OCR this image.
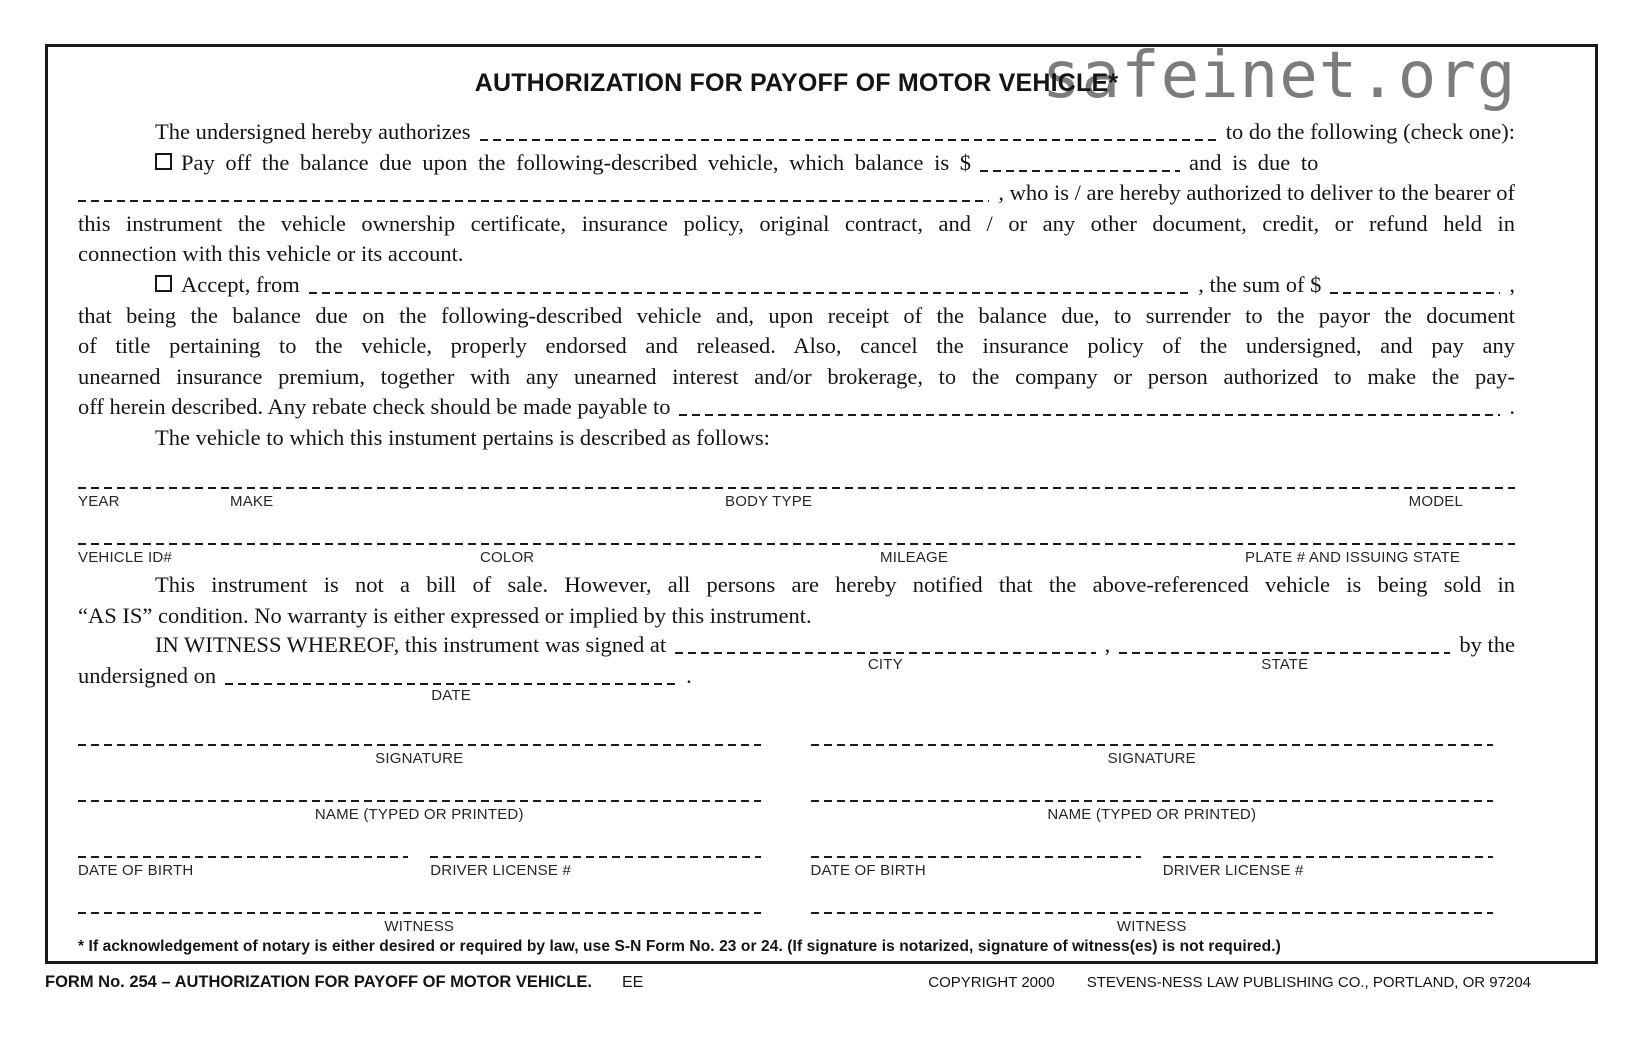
safeinet.org
AUTHORIZATION FOR PAYOFF OF MOTOR VEHICLE*
The undersigned hereby authorizes	to do the following (check one):
Pay off the balance due upon the following-described vehicle, which balance is $	and is due to
, who is / are hereby authorized to deliver to the bearer of
this instrument the vehicle ownership certificate, insurance policy, original contract, and / or any other document, credit, or refund held in
connection with this vehicle or its account.
Accept, from	, the sum of $	,
that being the balance due on the following-described vehicle and, upon receipt of the balance due, to surrender to the payor the document
of title pertaining to the vehicle, properly endorsed and released. Also, cancel the insurance policy of the undersigned, and pay any
unearned insurance premium, together with any unearned interest and/or brokerage, to the company or person authorized to make the pay-
off herein described. Any rebate check should be made payable to	.
The vehicle to which this instument pertains is described as follows:
YEAR	MAKE	BODY TYPE	MODEL
VEHICLE ID#	COLOR	MILEAGE	PLATE # AND ISSUING STATE
This instrument is not a bill of sale. However, all persons are hereby notified that the above-referenced vehicle is being sold in
“AS IS” condition. No warranty is either expressed or implied by this instrument.
IN WITNESS WHEREOF, this instrument was signed at
CITY
,
STATE
by the
undersigned on
DATE
.
SIGNATURE
NAME (TYPED OR PRINTED)
DATE OF BIRTH	DRIVER LICENSE #
WITNESS
SIGNATURE
NAME (TYPED OR PRINTED)
DATE OF BIRTH	DRIVER LICENSE #
WITNESS
* If acknowledgement of notary is either desired or required by law, use S-N Form No. 23 or 24. (If signature is notarized, signature of witness(es) is not required.)
FORM No. 254 – AUTHORIZATION FOR PAYOFF OF MOTOR VEHICLE. EE	COPYRIGHT 2000 STEVENS-NESS LAW PUBLISHING CO., PORTLAND, OR 97204
